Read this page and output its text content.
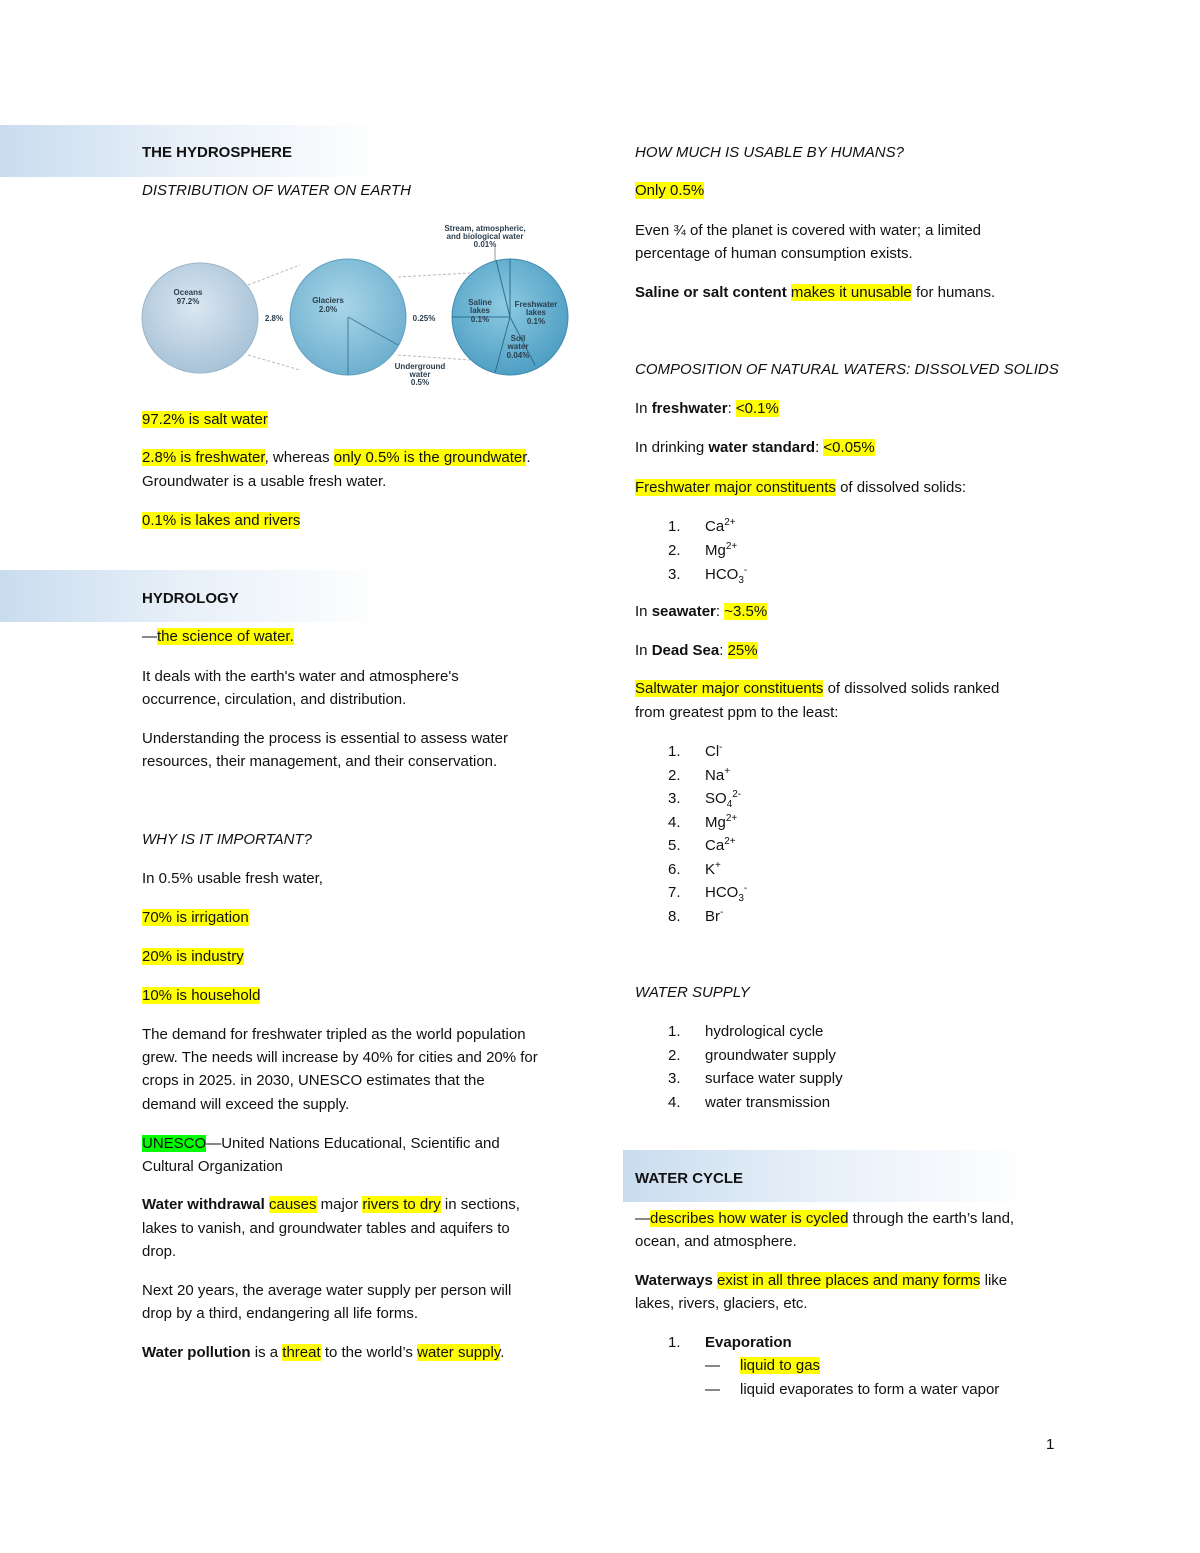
THE HYDROSPHERE
DISTRIBUTION OF WATER ON EARTH
Oceans
97.2%	Glaciers
2.0%
2.8%	0.25%
Underground
water
0.5%
Stream, atmospheric,
and biological water
0.01%
Saline
lakes
0.1%
Freshwater
lakes
0.1%
Soil
water
0.04%
97.2% is salt water
2.8% is freshwater, whereas only 0.5% is the groundwater.
Groundwater is a usable fresh water.
0.1% is lakes and rivers
HYDROLOGY
—the science of water.
It deals with the earth's water and atmosphere's
occurrence, circulation, and distribution.
Understanding the process is essential to assess water
resources, their management, and their conservation.
WHY IS IT IMPORTANT?
In 0.5% usable fresh water,
70% is irrigation
20% is industry
10% is household
The demand for freshwater tripled as the world population
grew. The needs will increase by 40% for cities and 20% for
crops in 2025. in 2030, UNESCO estimates that the
demand will exceed the supply.
UNESCO—United Nations Educational, Scientific and
Cultural Organization
Water withdrawal causes major rivers to dry in sections,
lakes to vanish, and groundwater tables and aquifers to
drop.
Next 20 years, the average water supply per person will
drop by a third, endangering all life forms.
Water pollution is a threat to the world’s water supply.
HOW MUCH IS USABLE BY HUMANS?
Only 0.5%
Even ¾ of the planet is covered with water; a limited
percentage of human consumption exists.
Saline or salt content makes it unusable for humans.
COMPOSITION OF NATURAL WATERS: DISSOLVED SOLIDS
In freshwater: <0.1%
In drinking water standard: <0.05%
Freshwater major constituents of dissolved solids:
1. $Ca^{2+}$
2. $Mg^{2+}$
3. $HCO_3^-$
In seawater: ~3.5%
In Dead Sea: 25%
Saltwater major constituents of dissolved solids ranked
from greatest ppm to the least:
1. Cl-
2. Na+
3. $SO_4^{2-}$
4. $Mg^{2+}$
5. $Ca^{2+}$
6. K+
7. $HCO_3^-$
8. Br-
WATER SUPPLY
1. hydrological cycle
2. groundwater supply
3. surface water supply
4. water transmission
WATER CYCLE
—describes how water is cycled through the earth’s land,
ocean, and atmosphere.
Waterways exist in all three places and many forms like
lakes, rivers, glaciers, etc.
1. Evaporation
— liquid to gas
— liquid evaporates to form a water vapor
1
